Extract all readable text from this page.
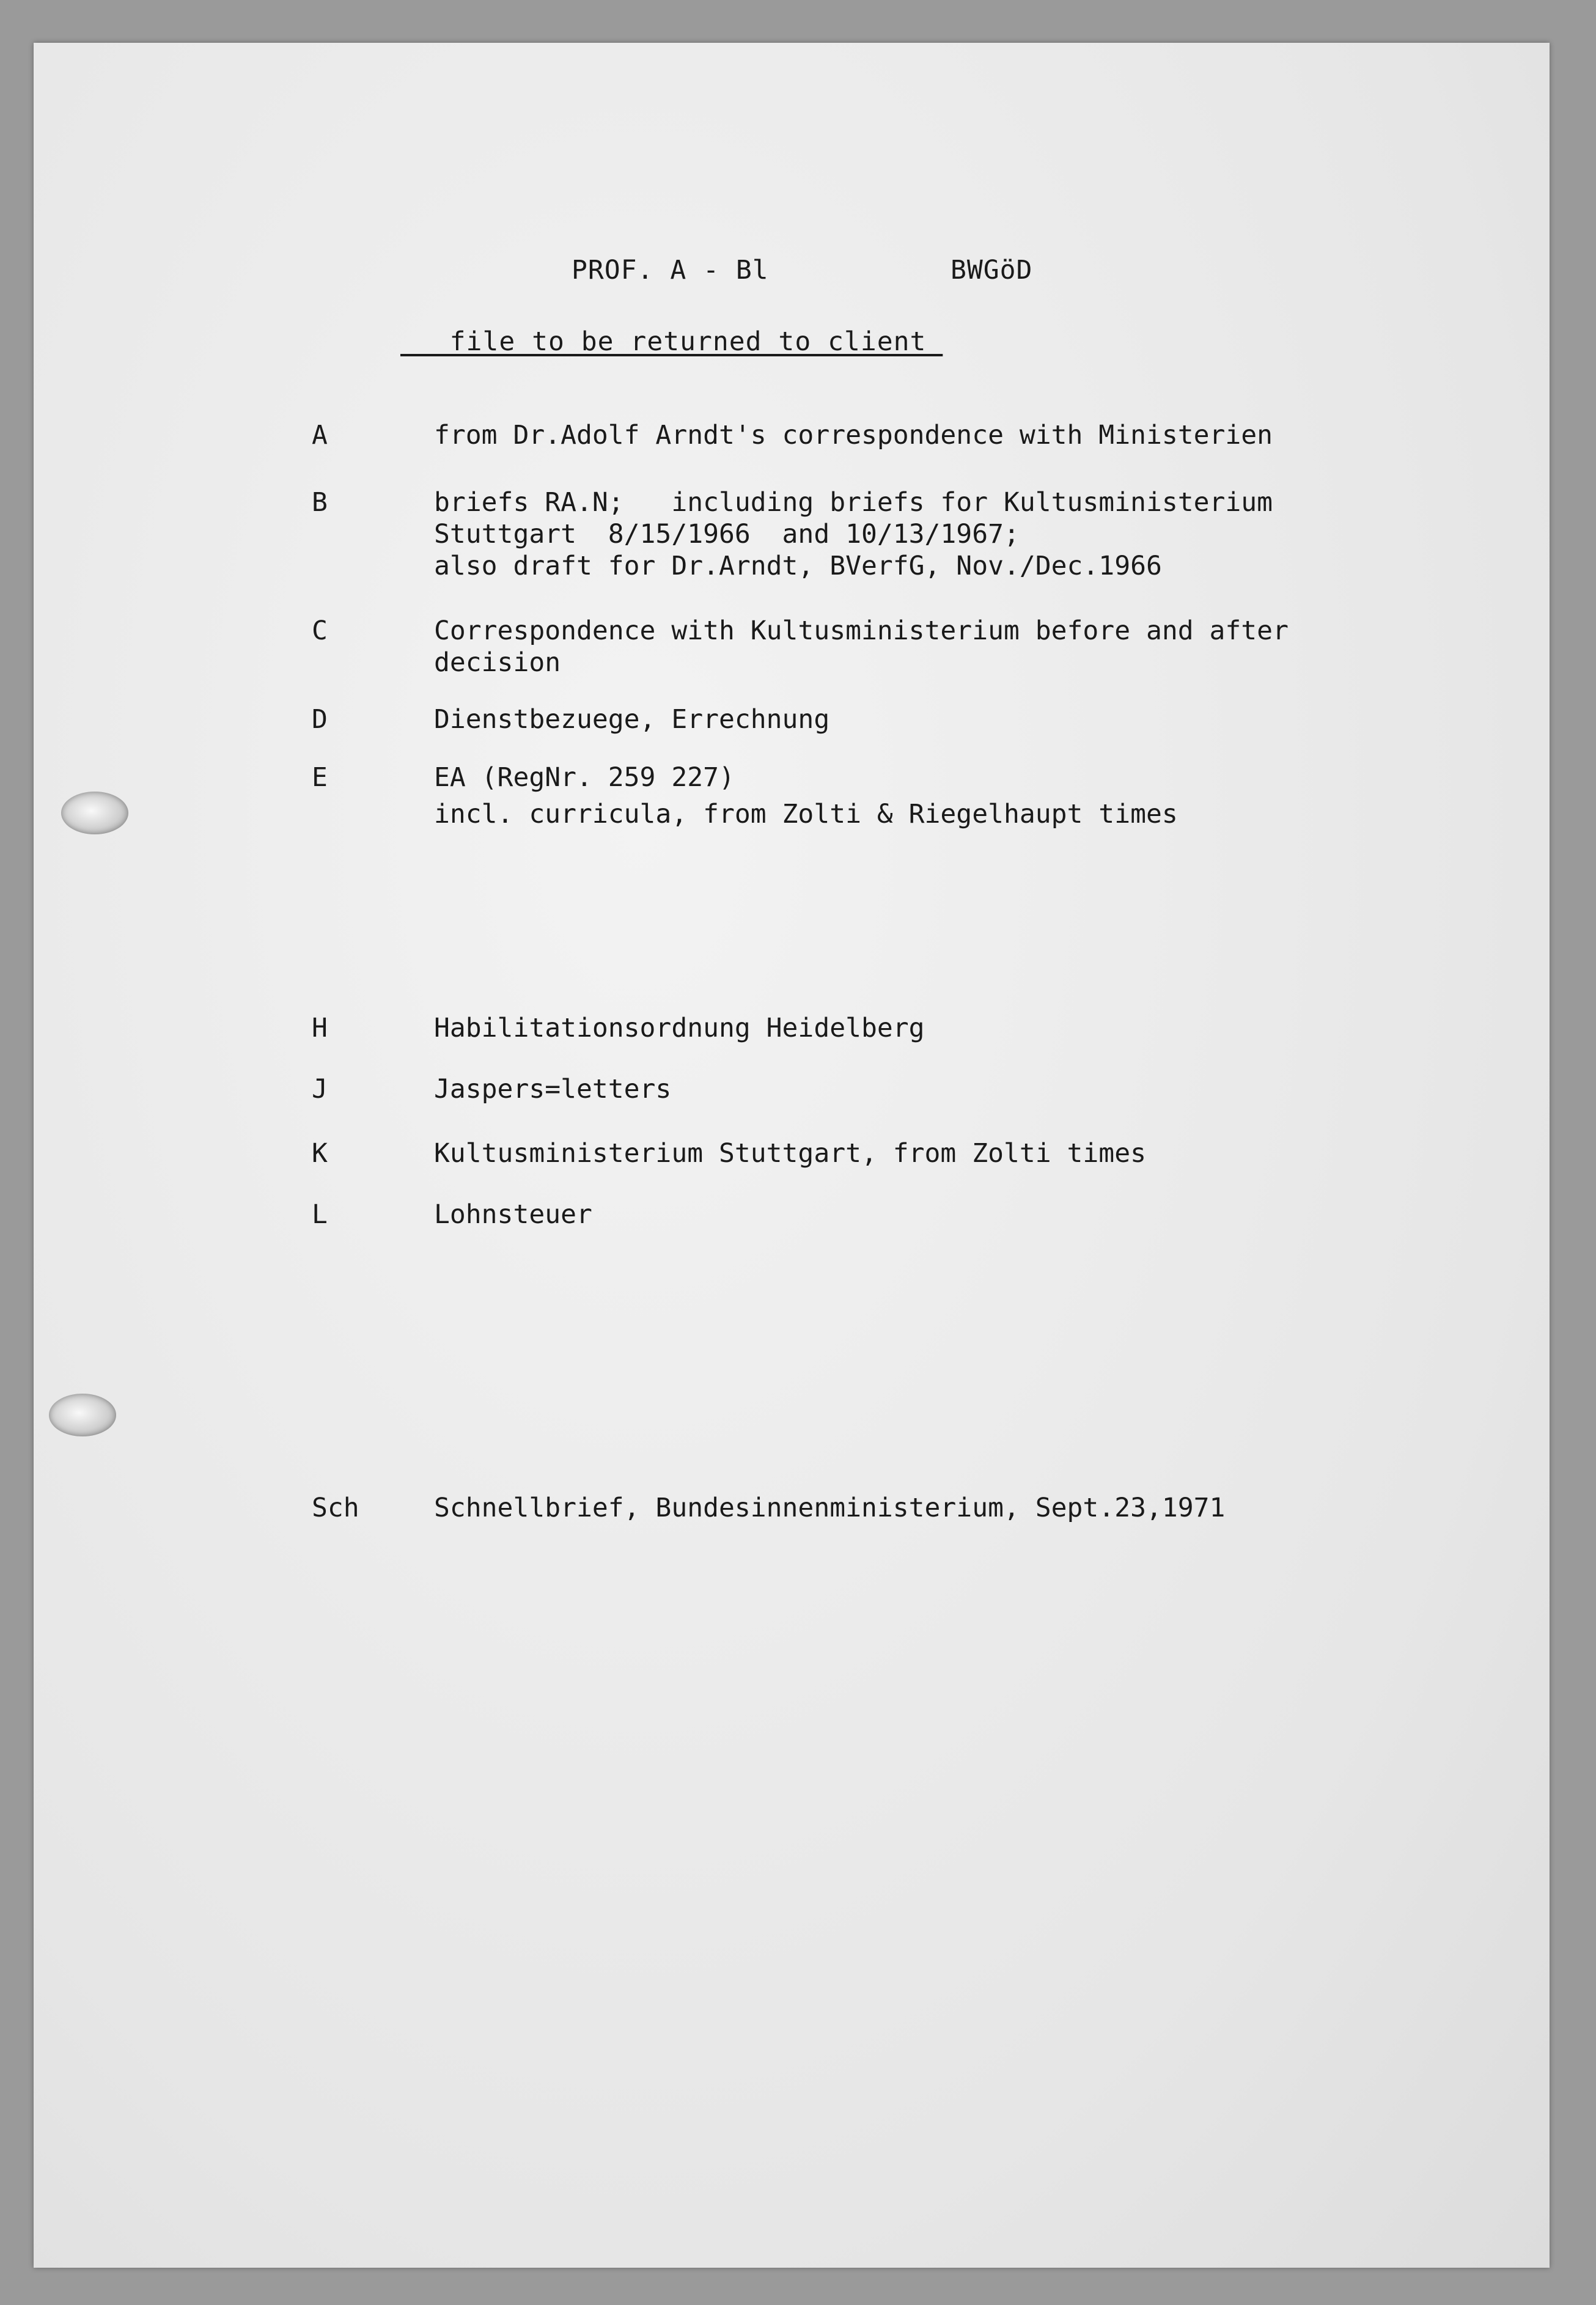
PROF. A - Bl	BWGöD
_ _file to be returned to client_
A	from Dr.Adolf Arndt's correspondence with Ministerien
B	briefs RA.N;   including briefs for Kultusministerium
Stuttgart  8/15/1966  and 10/13/1967;
also draft for Dr.Arndt, BVerfG, Nov./Dec.1966
C	Correspondence with Kultusministerium before and after
decision
D	Dienstbezuege, Errechnung
E	EA (RegNr. 259 227)
incl. curricula, from Zolti & Riegelhaupt times
H	Habilitationsordnung Heidelberg
J	Jaspers=letters
K	Kultusministerium Stuttgart, from Zolti times
L	Lohnsteuer
Sch	Schnellbrief, Bundesinnenministerium, Sept.23,1971
